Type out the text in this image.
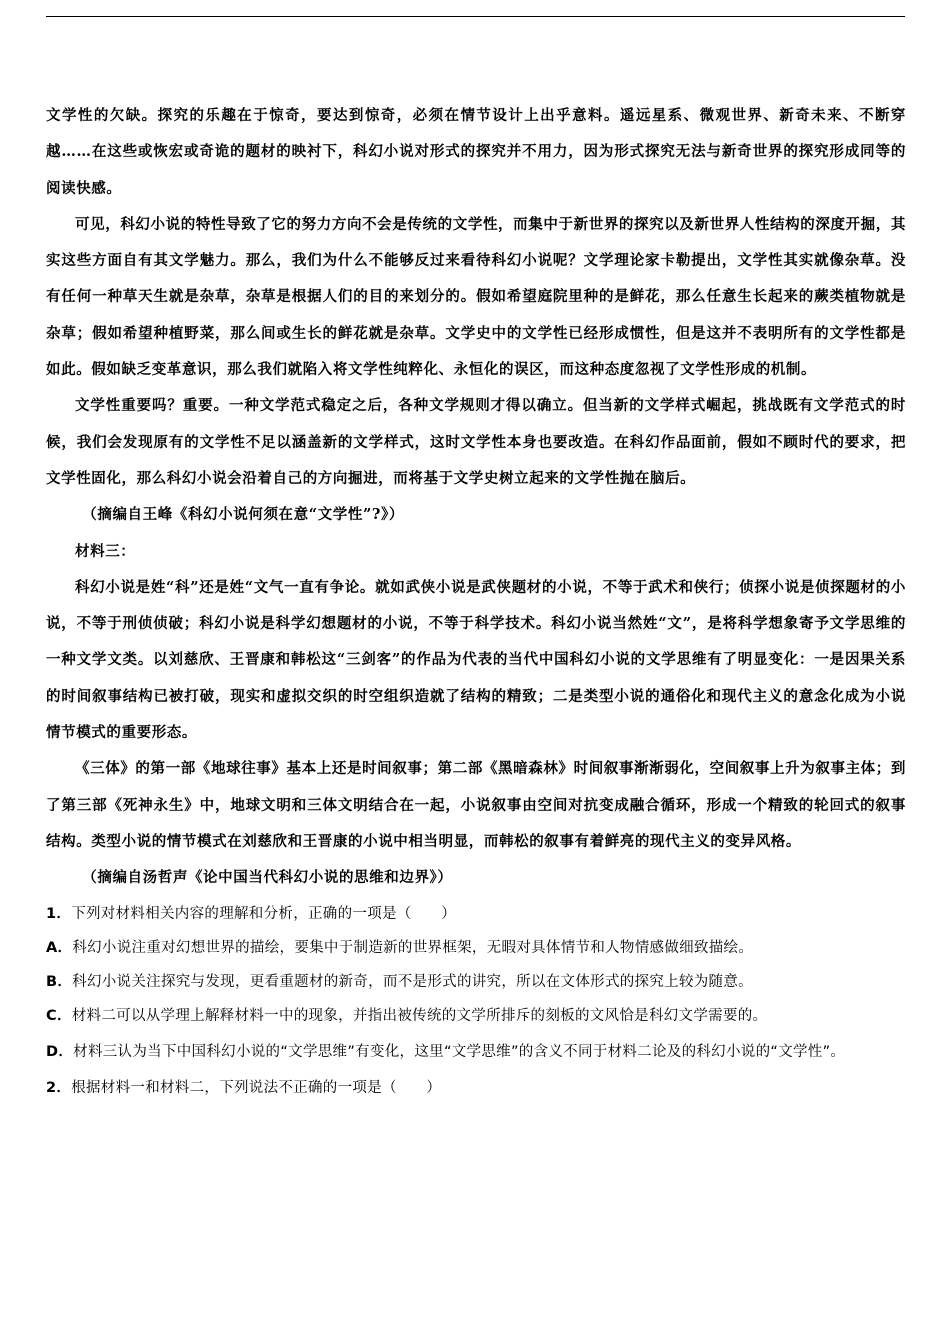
文学性的欠缺。探究的乐趣在于惊奇，要达到惊奇，必须在情节设计上出乎意料。遥远星系、微观世界、新奇未来、不断穿越……在这些或恢宏或奇诡的题材的映衬下，科幻小说对形式的探究并不用力，因为形式探究无法与新奇世界的探究形成同等的阅读快感。

可见，科幻小说的特性导致了它的努力方向不会是传统的文学性，而集中于新世界的探究以及新世界人性结构的深度开掘，其实这些方面自有其文学魅力。那么，我们为什么不能够反过来看待科幻小说呢？文学理论家卡勒提出，文学性其实就像杂草。没有任何一种草天生就是杂草，杂草是根据人们的目的来划分的。假如希望庭院里种的是鲜花，那么任意生长起来的蕨类植物就是杂草；假如希望种植野菜，那么间或生长的鲜花就是杂草。文学史中的文学性已经形成惯性，但是这并不表明所有的文学性都是如此。假如缺乏变革意识，那么我们就陷入将文学性纯粹化、永恒化的误区，而这种态度忽视了文学性形成的机制。

文学性重要吗？重要。一种文学范式稳定之后，各种文学规则才得以确立。但当新的文学样式崛起，挑战既有文学范式的时候，我们会发现原有的文学性不足以涵盖新的文学样式，这时文学性本身也要改造。在科幻作品面前，假如不顾时代的要求，把文学性固化，那么科幻小说会沿着自己的方向掘进，而将基于文学史树立起来的文学性抛在脑后。

（摘编自王峰《科幻小说何须在意“文学性”?》）

材料三：

科幻小说是姓“科”还是姓“文气一直有争论。就如武侠小说是武侠题材的小说，不等于武术和侠行；侦探小说是侦探题材的小说，不等于刑侦侦破；科幻小说是科学幻想题材的小说，不等于科学技术。科幻小说当然姓“文”，是将科学想象寄予文学思维的一种文学文类。以刘慈欣、王晋康和韩松这“三剑客”的作品为代表的当代中国科幻小说的文学思维有了明显变化：一是因果关系的时间叙事结构已被打破，现实和虚拟交织的时空组织造就了结构的精致；二是类型小说的通俗化和现代主义的意念化成为小说情节模式的重要形态。

《三体》的第一部《地球往事》基本上还是时间叙事；第二部《黑暗森林》时间叙事渐渐弱化，空间叙事上升为叙事主体；到了第三部《死神永生》中，地球文明和三体文明结合在一起，小说叙事由空间对抗变成融合循环，形成一个精致的轮回式的叙事结构。类型小说的情节模式在刘慈欣和王晋康的小说中相当明显，而韩松的叙事有着鲜亮的现代主义的变异风格。

（摘编自汤哲声《论中国当代科幻小说的思维和边界》）

1．下列对材料相关内容的理解和分析，正确的一项是（　　）

A．科幻小说注重对幻想世界的描绘，要集中于制造新的世界框架，无暇对具体情节和人物情感做细致描绘。

B．科幻小说关注探究与发现，更看重题材的新奇，而不是形式的讲究，所以在文体形式的探究上较为随意。

C．材料二可以从学理上解释材料一中的现象，并指出被传统的文学所排斥的刻板的文风恰是科幻文学需要的。

D．材料三认为当下中国科幻小说的“文学思维”有变化，这里“文学思维”的含义不同于材料二论及的科幻小说的“文学性”。

2．根据材料一和材料二，下列说法不正确的一项是（　　）
